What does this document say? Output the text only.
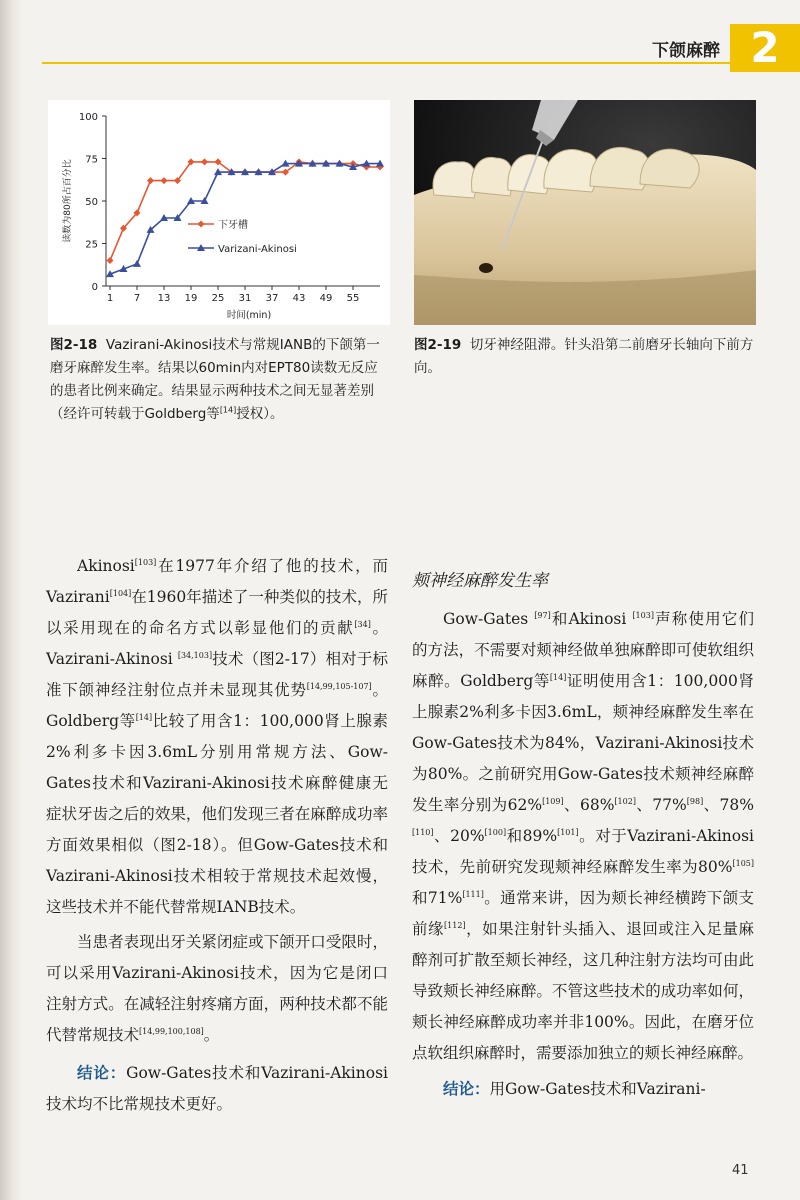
下颌麻醉 2
0
25
50
75
100
1 7 13 19 25 31 37 43 49 55
时间(min)
读数为80所占百分比	下牙槽
Varizani-Akinosi
图2-18 Vazirani-Akinosi技术与常规IANB的下颌第一磨牙麻醉发生率。结果以60min内对EPT80读数无反应的患者比例来确定。结果显示两种技术之间无显著差别（经许可转载于Goldberg等[14]授权）。
图2-19 切牙神经阻滞。针头沿第二前磨牙长轴向下前方向。

Akinosi[103]在1977年介绍了他的技术，而Vazirani[104]在1960年描述了一种类似的技术，所以采用现在的命名方式以彰显他们的贡献[34]。Vazirani-Akinosi [34,103]技术（图2-17）相对于标准下颌神经注射位点并未显现其优势[14,99,105-107]。Goldberg等[14]比较了用含1：100,000肾上腺素2%利多卡因3.6mL分别用常规方法、Gow-Gates技术和Vazirani-Akinosi技术麻醉健康无症状牙齿之后的效果，他们发现三者在麻醉成功率方面效果相似（图2-18）。但Gow-Gates技术和Vazirani-Akinosi技术相较于常规技术起效慢，这些技术并不能代替常规IANB技术。

当患者表现出牙关紧闭症或下颌开口受限时，可以采用Vazirani-Akinosi技术，因为它是闭口注射方式。在减轻注射疼痛方面，两种技术都不能代替常规技术[14,99,100,108]。

结论：Gow-Gates技术和Vazirani-Akinosi技术均不比常规技术更好。

颊神经麻醉发生率

Gow-Gates [97]和Akinosi [103]声称使用它们的方法，不需要对颊神经做单独麻醉即可使软组织麻醉。Goldberg等[14]证明使用含1：100,000肾上腺素2%利多卡因3.6mL，颊神经麻醉发生率在Gow-Gates技术为84%，Vazirani-Akinosi技术为80%。之前研究用Gow-Gates技术颊神经麻醉发生率分别为62%[109]、68%[102]、77%[98]、78%[110]、20%[100]和89%[101]。对于Vazirani-Akinosi技术，先前研究发现颊神经麻醉发生率为80%[105]和71%[111]。通常来讲，因为颊长神经横跨下颌支前缘[112]，如果注射针头插入、退回或注入足量麻醉剂可扩散至颊长神经，这几种注射方法均可由此导致颊长神经麻醉。不管这些技术的成功率如何，颊长神经麻醉成功率并非100%。因此，在磨牙位点软组织麻醉时，需要添加独立的颊长神经麻醉。

结论：用Gow-Gates技术和Vazirani-

41
